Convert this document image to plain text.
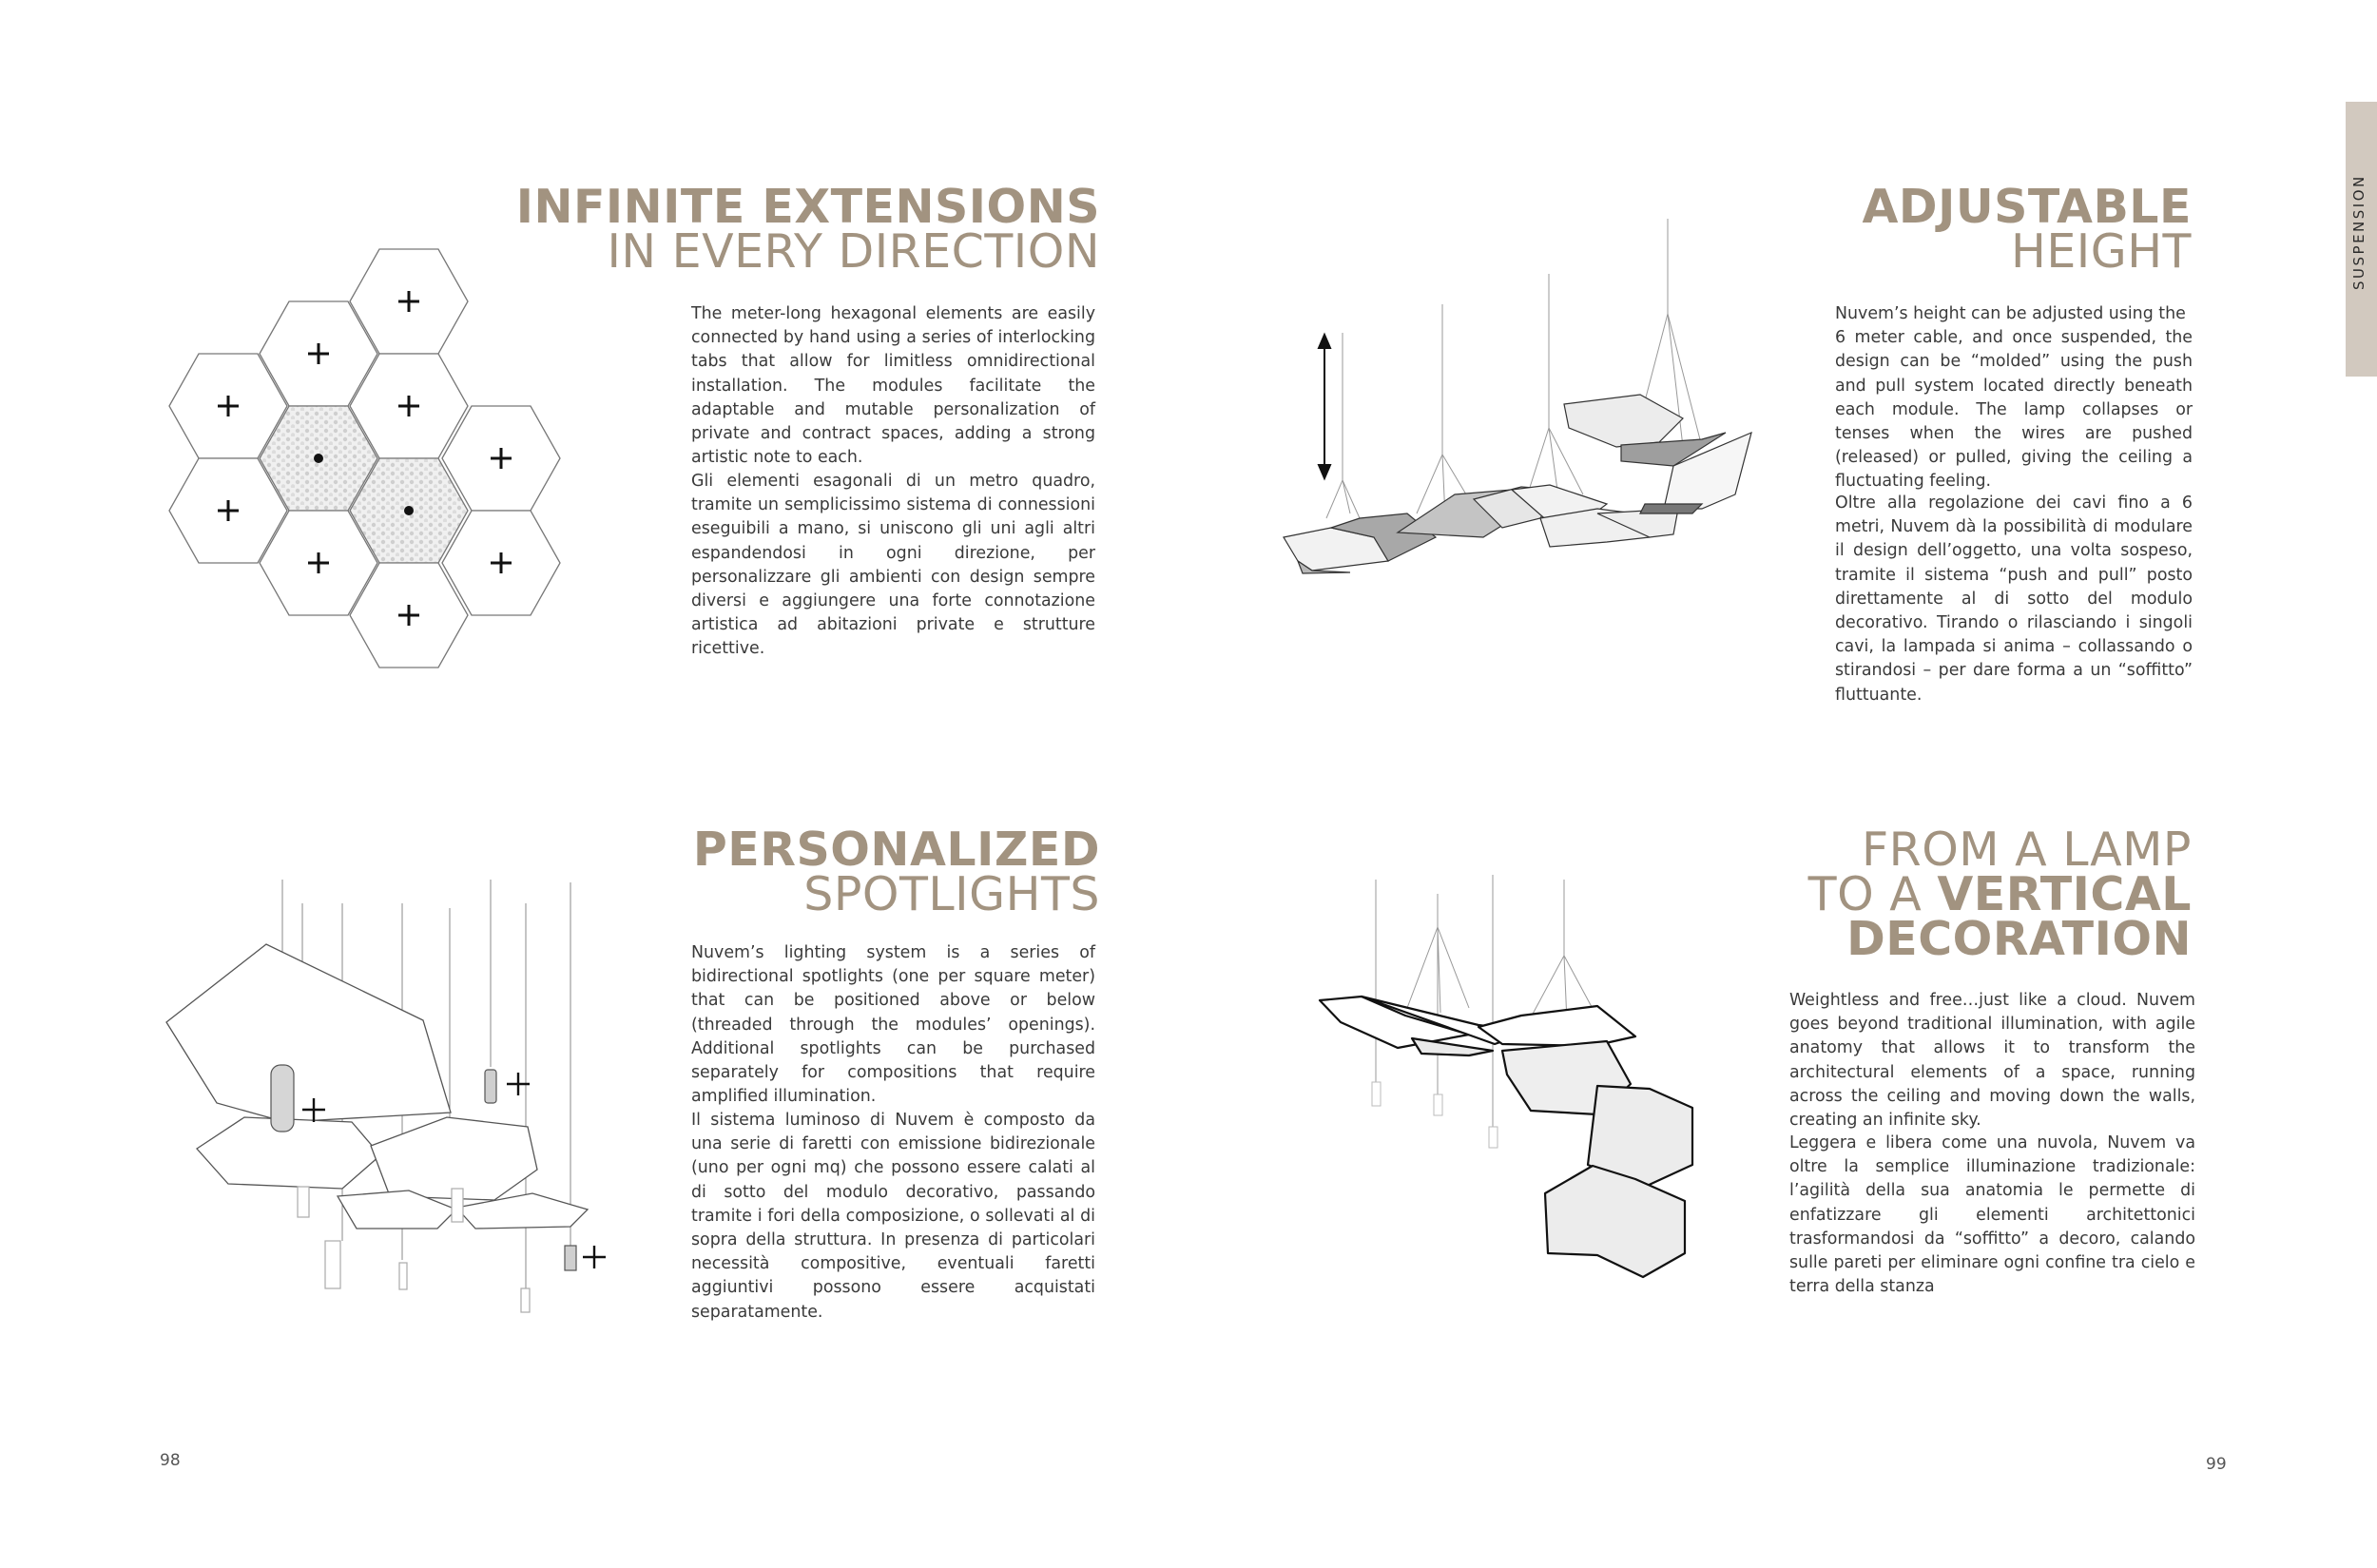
INFINITE EXTENSIONS
IN EVERY DIRECTION
The meter-long hexagonal elements are easily connected by hand using a series of interlocking tabs that allow for limitless omnidirectional installation. The modules facilitate the adaptable and mutable personalization of private and contract spaces, adding a strong artistic note to each.
Gli elementi esagonali di un metro quadro, tramite un semplicissimo sistema di connessioni eseguibili a mano, si uniscono gli uni agli altri espandendosi in ogni direzione, per personalizzare gli ambienti con design sempre diversi e aggiungere una forte connotazione artistica ad abitazioni private e strutture ricettive.
ADJUSTABLE
HEIGHT
Nuvem’s height can be adjusted using the
6 meter cable, and once suspended, the design can be “molded” using the push and pull system located directly beneath each module. The lamp collapses or tenses when the wires are pushed (released) or pulled, giving the ceiling a fluctuating feeling.
Oltre alla regolazione dei cavi fino a 6 metri, Nuvem dà la possibilità di modulare il design dell’oggetto, una volta sospeso, tramite il sistema “push and pull” posto direttamente al di sotto del modulo decorativo. Tirando o rilasciando i singoli cavi, la lampada si anima – collassando o stirandosi – per dare forma a un “soffitto” fluttuante.
PERSONALIZED
SPOTLIGHTS
Nuvem’s lighting system is a series of bidirectional spotlights (one per square meter) that can be positioned above or below (threaded through the modules’ openings). Additional spotlights can be purchased separately for compositions that require amplified illumination.
Il sistema luminoso di Nuvem è composto da una serie di faretti con emissione bidirezionale (uno per ogni mq) che possono essere calati al di sotto del modulo decorativo, passando tramite i fori della composizione, o sollevati al di sopra della struttura. In presenza di particolari necessità compositive, eventuali faretti aggiuntivi possono essere acquistati separatamente.
FROM A LAMP
TO A VERTICAL
DECORATION
Weightless and free…just like a cloud. Nuvem goes beyond traditional illumination, with agile anatomy that allows it to transform the architectural elements of a space, running across the ceiling and moving down the walls, creating an infinite sky.
Leggera e libera come una nuvola, Nuvem va oltre la semplice illuminazione tradizionale: l’agilità della sua anatomia le permette di enfatizzare gli elementi architettonici trasformandosi da “soffitto” a decoro, calando sulle pareti per eliminare ogni confine tra cielo e terra della stanza
98	99
